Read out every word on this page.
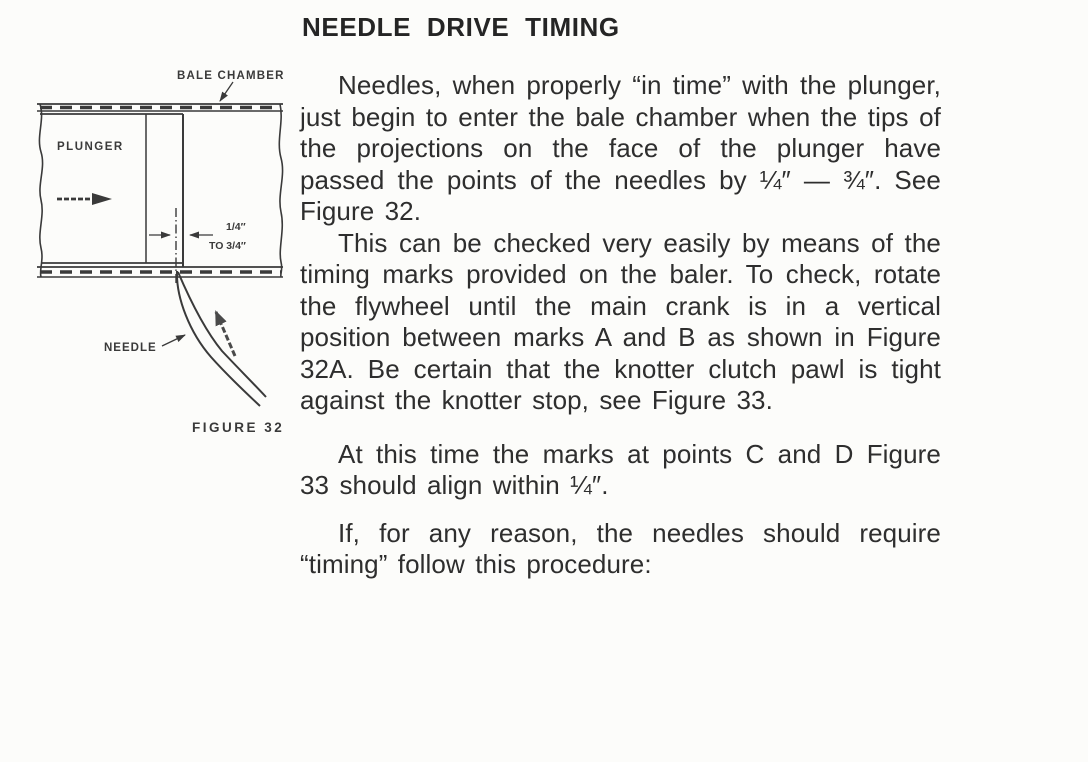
1/4″
TO 3/4″
BALE CHAMBER
PLUNGER
NEEDLE
FIGURE 32
NEEDLE DRIVE TIMING

Needles, when properly “in time” with the plunger, just begin to enter the bale chamber when the tips of the projections on the face of the plunger have passed the points of the needles by ¼″ — ¾″. See Figure 32.

This can be checked very easily by means of the timing marks provided on the baler. To check, rotate the flywheel until the main crank is in a vertical position between marks A and B as shown in Figure 32A. Be certain that the knotter clutch pawl is tight against the knotter stop, see Figure 33.

At this time the marks at points C and D Figure 33 should align within ¼″.

If, for any reason, the needles should require “timing” follow this procedure:
